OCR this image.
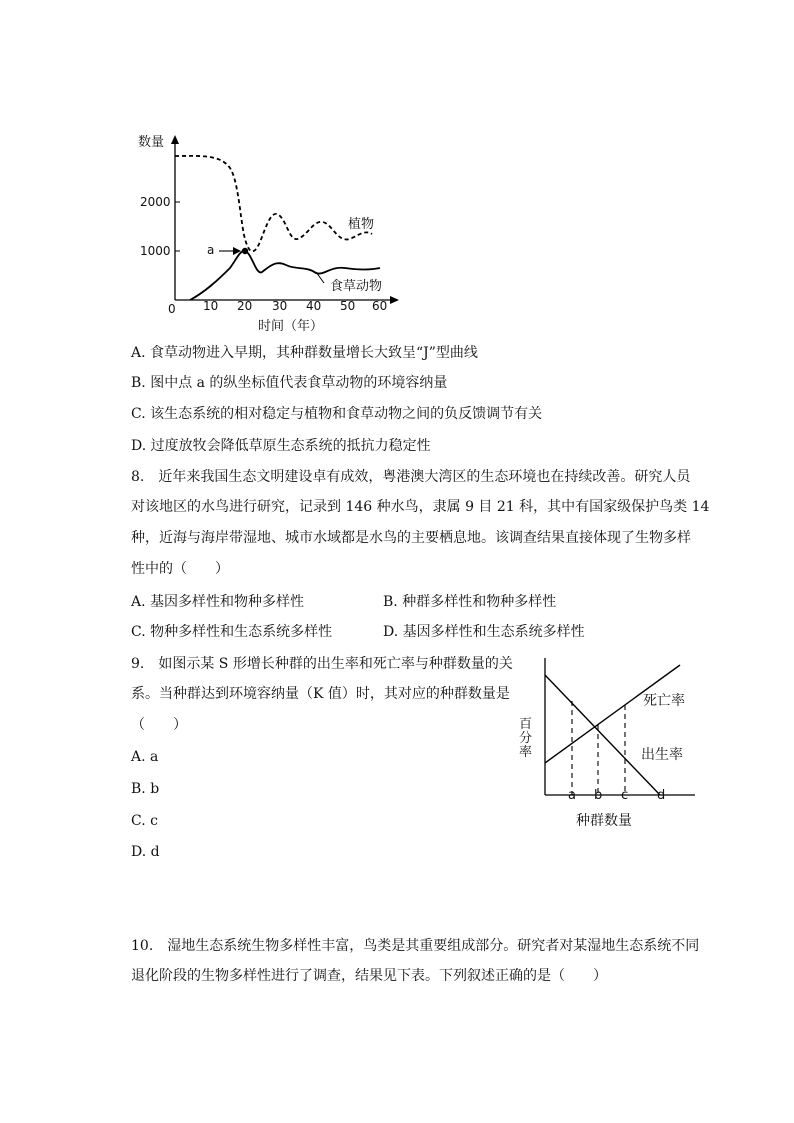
数量
2000
1000
0 10 20 30 40 50 60
时间（年）
a
植物
食草动物
A. 食草动物进入早期，其种群数量增长大致呈“J”型曲线
B. 图中点 a 的纵坐标值代表食草动物的环境容纳量
C. 该生态系统的相对稳定与植物和食草动物之间的负反馈调节有关
D. 过度放牧会降低草原生态系统的抵抗力稳定性
8.　近年来我国生态文明建设卓有成效，粤港澳大湾区的生态环境也在持续改善。研究人员
对该地区的水鸟进行研究，记录到 146 种水鸟，隶属 9 目 21 科，其中有国家级保护鸟类 14
种，近海与海岸带湿地、城市水域都是水鸟的主要栖息地。该调查结果直接体现了生物多样
性中的（　　）
A. 基因多样性和物种多样性	B. 种群多样性和物种多样性
C. 物种多样性和生态系统多样性	D. 基因多样性和生态系统多样性
9.　如图示某 S 形增长种群的出生率和死亡率与种群数量的关
系。当种群达到环境容纳量（K 值）时，其对应的种群数量是
（　　）
A. a
B. b
C. c
D. d
百分率
死亡率
出生率
a b c d
种群数量
10.　湿地生态系统生物多样性丰富，鸟类是其重要组成部分。研究者对某湿地生态系统不同
退化阶段的生物多样性进行了调查，结果见下表。下列叙述正确的是（　　）
